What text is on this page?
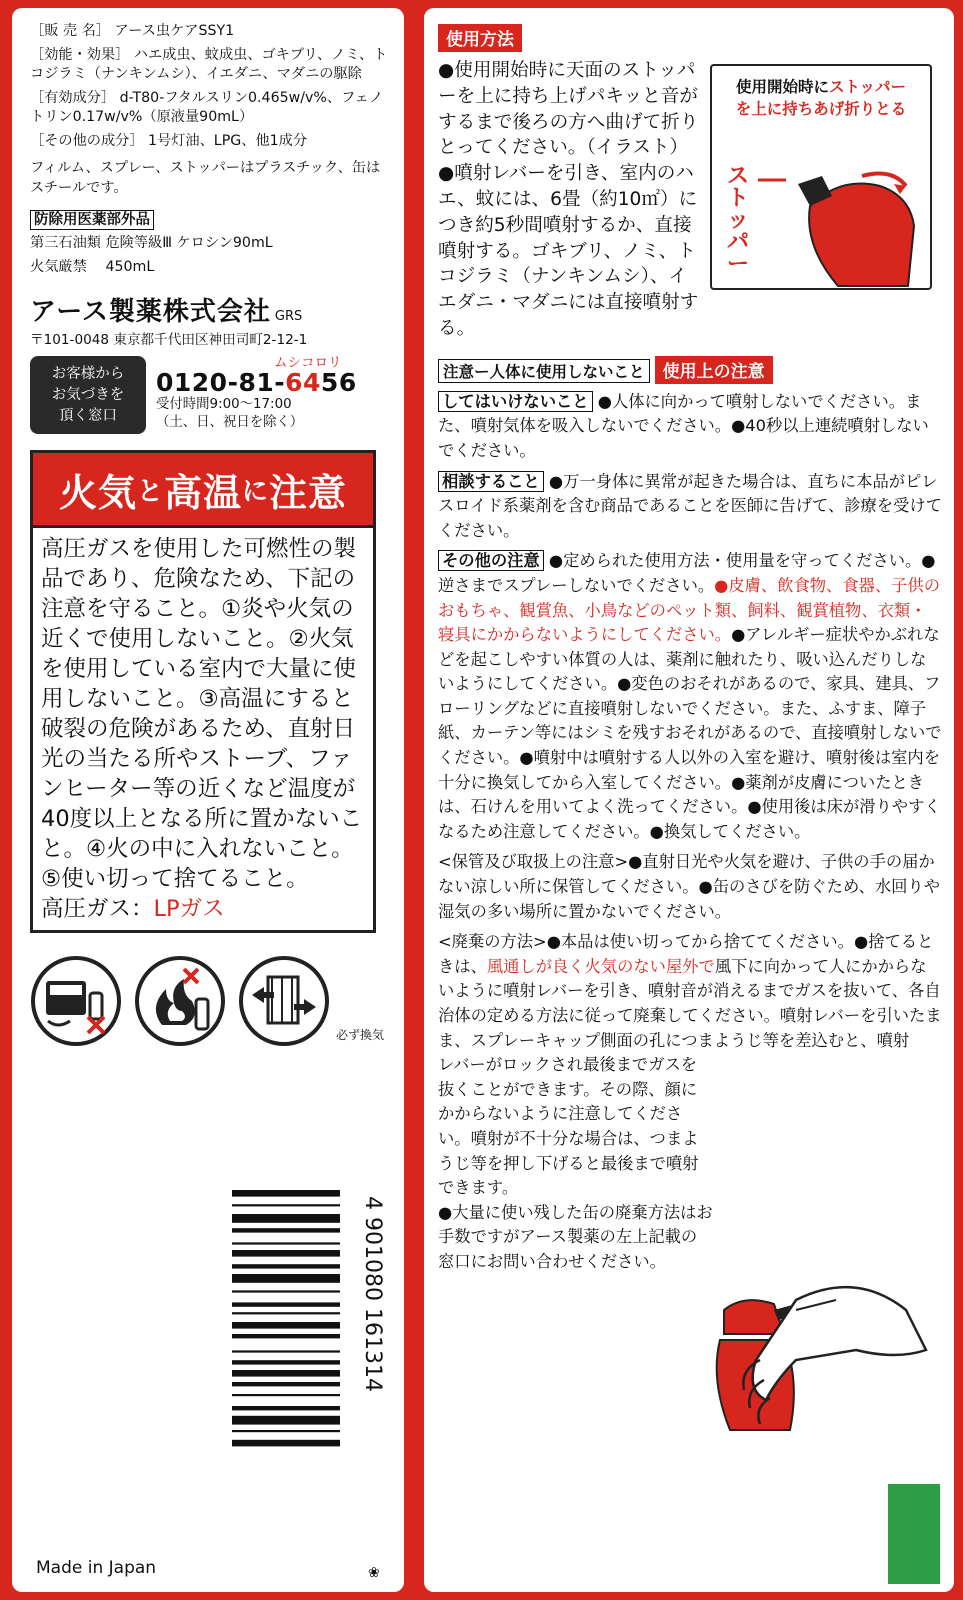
［販 売 名］ アース虫ケアSSY1

［効能・効果］ ハエ成虫、蚊成虫、ゴキブリ、ノミ、トコジラミ（ナンキンムシ）、イエダニ、マダニの駆除

［有効成分］ d-T80-フタルスリン0.465w/v%、フェノトリン0.17w/v%（原液量90mL）

［その他の成分］ 1号灯油、LPG、他1成分

フィルム、スプレー、ストッパーはプラスチック、缶はスチールです。

防除用医薬部外品
第三石油類 危険等級Ⅲ ケロシン90mL
火気厳禁　 450mL
アース製薬株式会社 GRS
〒101-0048 東京都千代田区神田司町2-12-1
お客様から
お気づきを
頂く窓口
ムシコロリ
0120-81-6456
受付時間9:00〜17:00
（土、日、祝日を除く）
火気 と 高温 に 注意
高圧ガスを使用した可燃性の製品であり、危険なため、下記の注意を守ること。①炎や火気の近くで使用しないこと。②火気を使用している室内で大量に使用しないこと。③高温にすると破裂の危険があるため、直射日光の当たる所やストーブ、ファンヒーター等の近くなど温度が40度以上となる所に置かないこと。④火の中に入れないこと。⑤使い切って捨てること。
高圧ガス：LPガス
必ず換気
4 901080 161314
Made in Japan	❀
使用方法
●使用開始時に天面のストッパーを上に持ち上げパキッと音がするまで後ろの方へ曲げて折りとってください。（イラスト）●噴射レバーを引き、室内のハエ、蚊には、6畳（約10㎡）につき約5秒間噴射するか、直接噴射する。ゴキブリ、ノミ、トコジラミ（ナンキンムシ）、イエダニ・マダニには直接噴射する。
使用開始時にストッパー
を上に持ちあげ折りとる
ストッパー
注意ー人体に使用しないこと 使用上の注意

してはいけないこと ●人体に向かって噴射しないでください。また、噴射気体を吸入しないでください。●40秒以上連続噴射しないでください。

相談すること ●万一身体に異常が起きた場合は、直ちに本品がピレスロイド系薬剤を含む商品であることを医師に告げて、診療を受けてください。

その他の注意 ●定められた使用方法・使用量を守ってください。●逆さまでスプレーしないでください。●皮膚、飲食物、食器、子供のおもちゃ、観賞魚、小鳥などのペット類、飼料、観賞植物、衣類・寝具にかからないようにしてください。●アレルギー症状やかぶれなどを起こしやすい体質の人は、薬剤に触れたり、吸い込んだりしないようにしてください。●変色のおそれがあるので、家具、建具、フローリングなどに直接噴射しないでください。また、ふすま、障子紙、カーテン等にはシミを残すおそれがあるので、直接噴射しないでください。●噴射中は噴射する人以外の入室を避け、噴射後は室内を十分に換気してから入室してください。●薬剤が皮膚についたときは、石けんを用いてよく洗ってください。●使用後は床が滑りやすくなるため注意してください。●換気してください。

<保管及び取扱上の注意>●直射日光や火気を避け、子供の手の届かない涼しい所に保管してください。●缶のさびを防ぐため、水回りや湿気の多い場所に置かないでください。

<廃棄の方法>●本品は使い切ってから捨ててください。●捨てるときは、風通しが良く火気のない屋外で風下に向かって人にかからないように噴射レバーを引き、噴射音が消えるまでガスを抜いて、各自治体の定める方法に従って廃棄してください。噴射レバーを引いたまま、スプレーキャップ側面の孔につまようじ等を差込むと、噴射

レバーがロックされ最後までガスを抜くことができます。その際、顔にかからないように注意してください。噴射が不十分な場合は、つまようじ等を押し下げると最後まで噴射できます。
●大量に使い残した缶の廃棄方法はお手数ですがアース製薬の左上記載の窓口にお問い合わせください。
